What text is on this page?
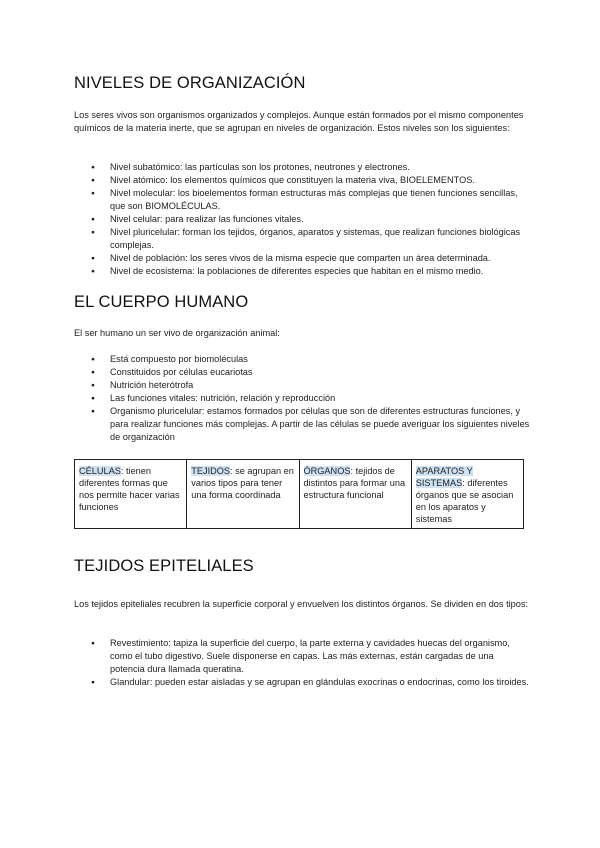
NIVELES DE ORGANIZACIÓN

Los seres vivos son organismos organizados y complejos. Aunque están formados por el mismo componentes químicos de la materia inerte, que se agrupan en niveles de organización. Estos niveles son los siguientes:

● Nivel subatómico: las partículas son los protones, neutrones y electrones.
● Nivel atómico: los elementos químicos que constituyen la materia viva, BIOELEMENTOS.
● Nivel molecular: los bioelementos forman estructuras más complejas que tienen funciones sencillas, que son BIOMOLÉCULAS.
● Nivel celular: para realizar las funciones vitales.
● Nivel pluricelular: forman los tejidos, órganos, aparatos y sistemas, que realizan funciones biológicas complejas.
● Nivel de población: los seres vivos de la misma especie que comparten un área determinada.
● Nivel de ecosistema: la poblaciones de diferentes especies que habitan en el mismo medio.
EL CUERPO HUMANO

El ser humano un ser vivo de organización animal:

● Está compuesto por biomoléculas
● Constituidos por células eucariotas
● Nutrición heterótrofa
● Las funciones vitales: nutrición, relación y reproducción
● Organismo pluricelular: estamos formados por células que son de diferentes estructuras funciones, y para realizar funciones más complejas. A partir de las células se puede averiguar los siguientes niveles de organización
CÉLULAS: tienen diferentes formas que nos permite hacer varias funciones	TEJIDOS: se agrupan en varios tipos para tener una forma coordinada	ÓRGANOS: tejidos de distintos para formar una estructura funcional	APARATOS Y SISTEMAS: diferentes órganos que se asocian en los aparatos y sistemas
TEJIDOS EPITELIALES

Los tejidos epiteliales recubren la superficie corporal y envuelven los distintos órganos. Se dividen en dos tipos:

● Revestimiento: tapiza la superficie del cuerpo, la parte externa y cavidades huecas del organismo, como el tubo digestivo. Suele disponerse en capas. Las más externas, están cargadas de una potencia dura llamada queratina.
● Glandular: pueden estar aisladas y se agrupan en glándulas exocrinas o endocrinas, como los tiroides.
